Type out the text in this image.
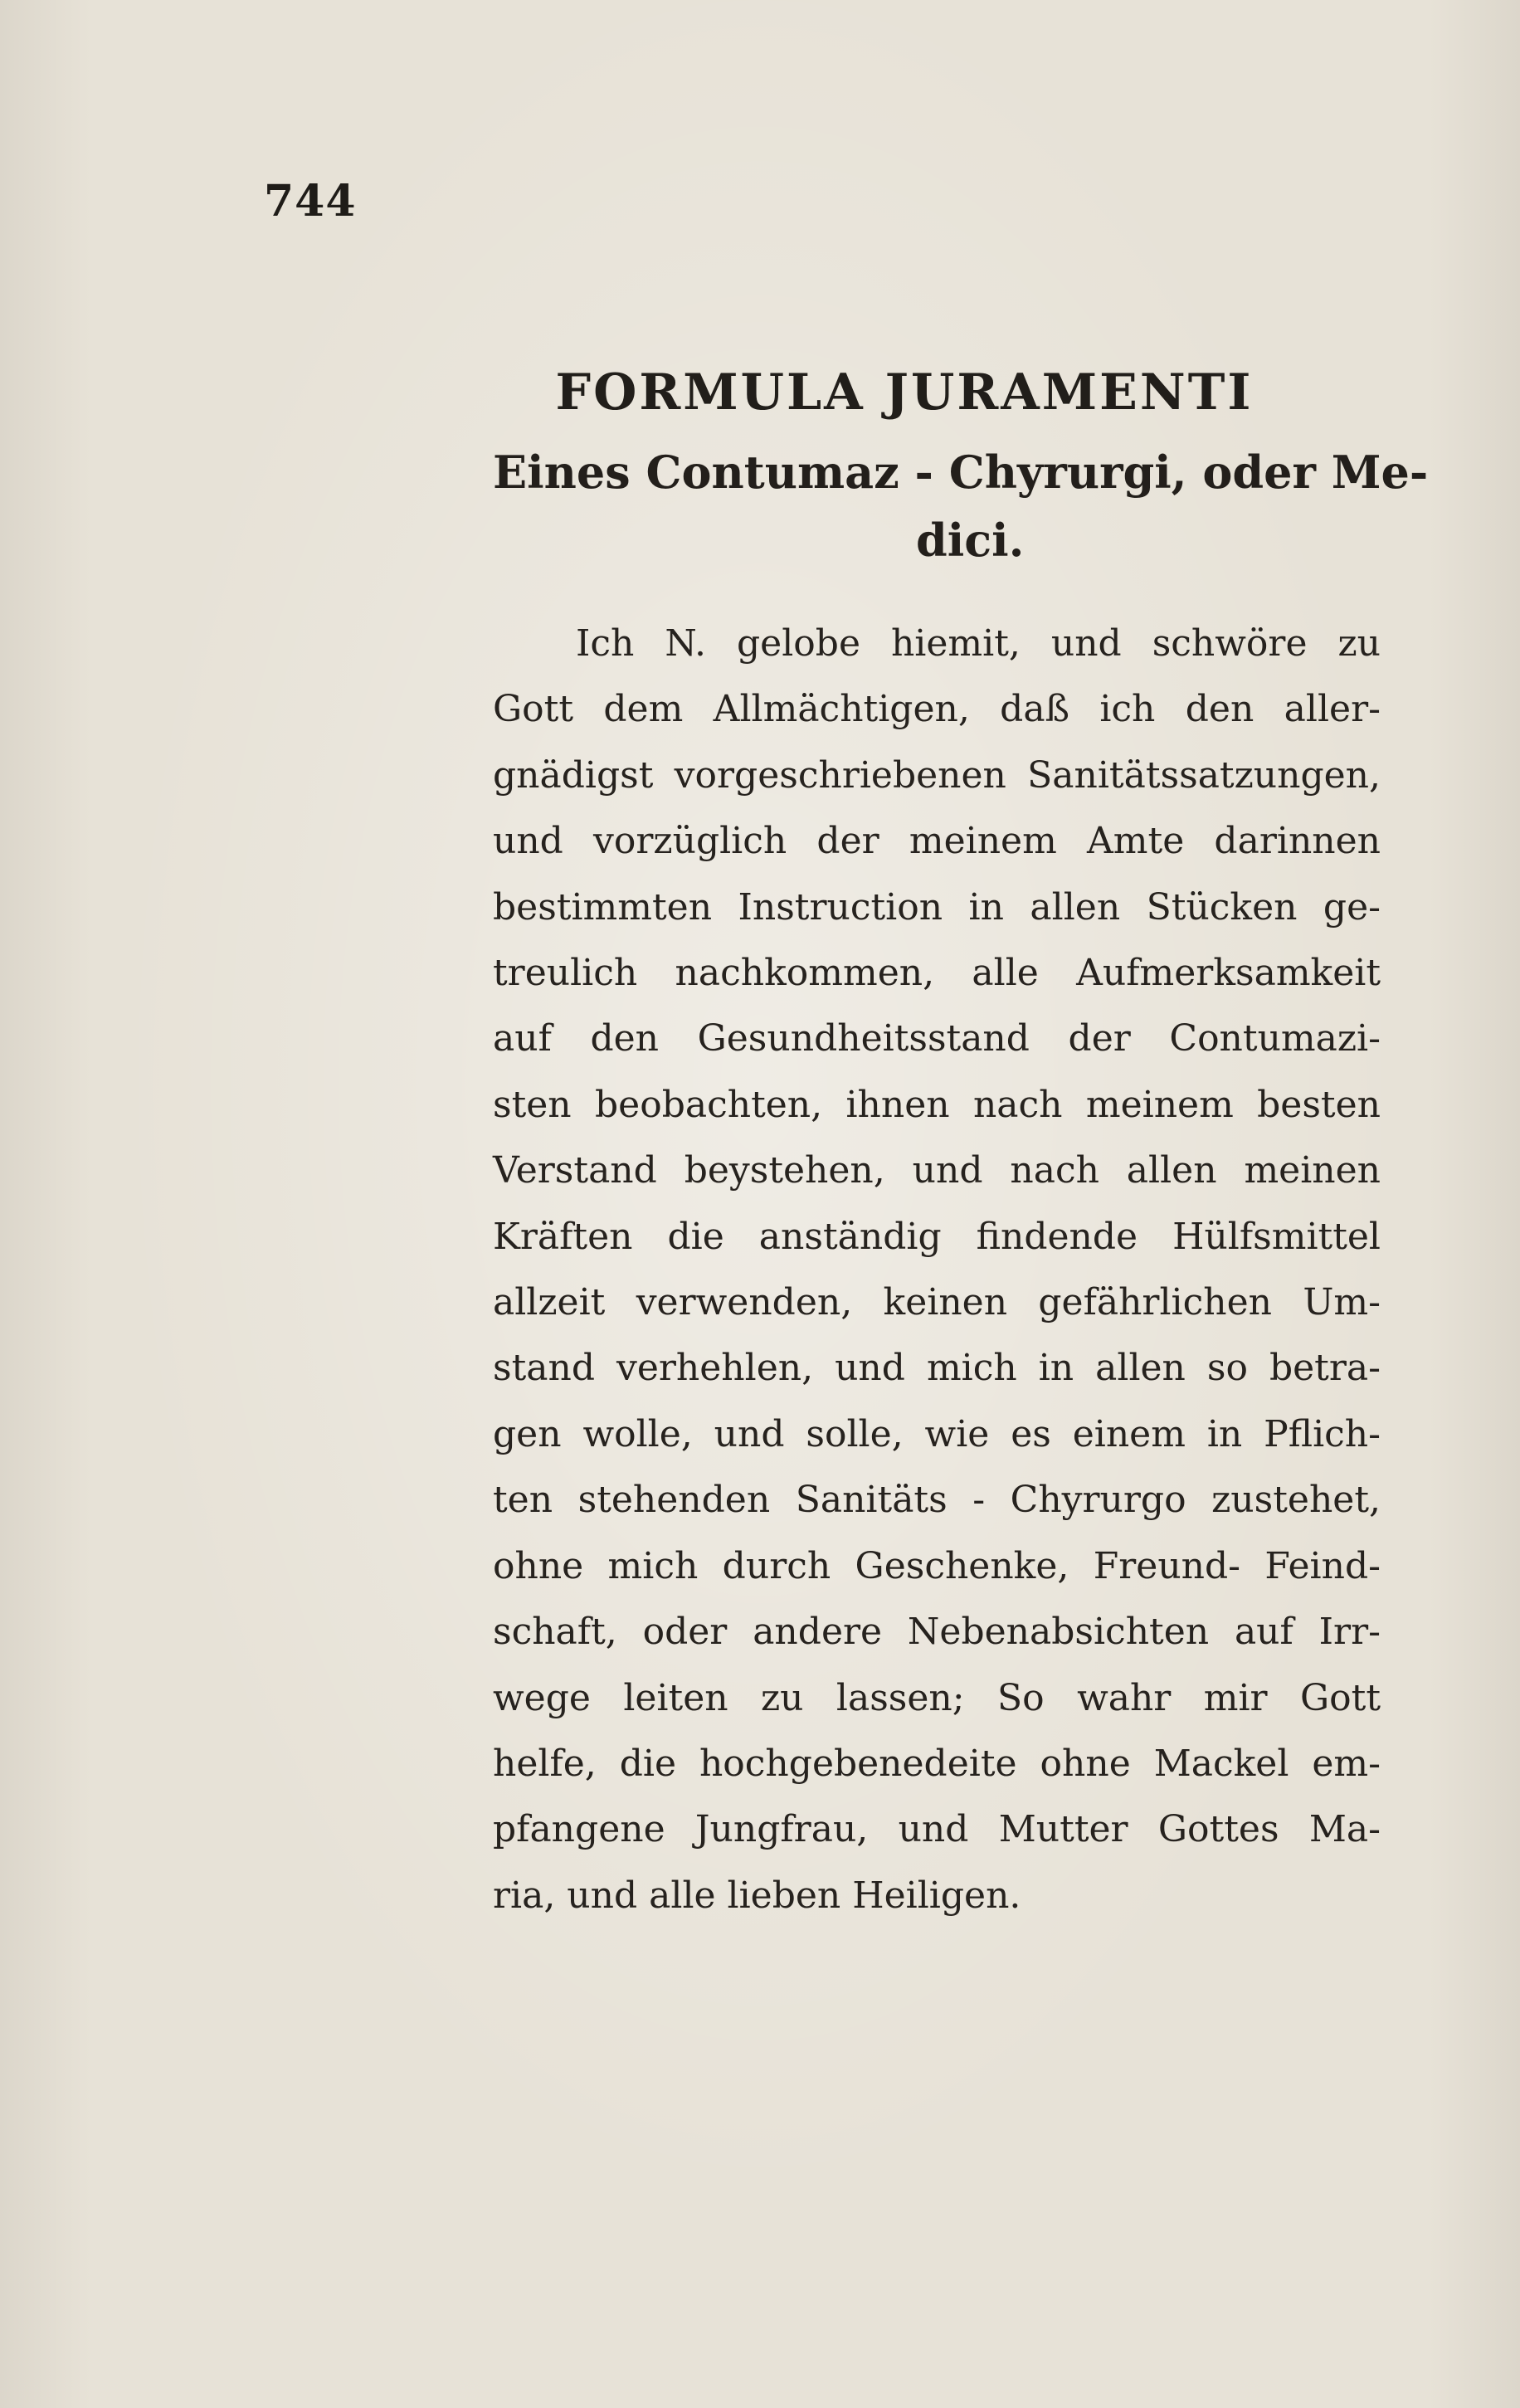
744
FORMULA JURAMENTI
Eines Contumaz - Chyrurgi, oder Me-
dici.
Ich N. gelobe hiemit, und schwöre zu
Gott dem Allmächtigen, daß ich den aller-
gnädigst vorgeschriebenen Sanitätssatzungen,
und vorzüglich der meinem Amte darinnen
bestimmten Instruction in allen Stücken ge-
treulich nachkommen, alle Aufmerksamkeit
auf den Gesundheitsstand der Contumazi-
sten beobachten, ihnen nach meinem besten
Verstand beystehen, und nach allen meinen
Kräften die anständig findende Hülfsmittel
allzeit verwenden, keinen gefährlichen Um-
stand verhehlen, und mich in allen so betra-
gen wolle, und solle, wie es einem in Pflich-
ten stehenden Sanitäts - Chyrurgo zustehet,
ohne mich durch Geschenke, Freund- Feind-
schaft, oder andere Nebenabsichten auf Irr-
wege leiten zu lassen; So wahr mir Gott
helfe, die hochgebenedeite ohne Mackel em-
pfangene Jungfrau, und Mutter Gottes Ma-
ria, und alle lieben Heiligen.
